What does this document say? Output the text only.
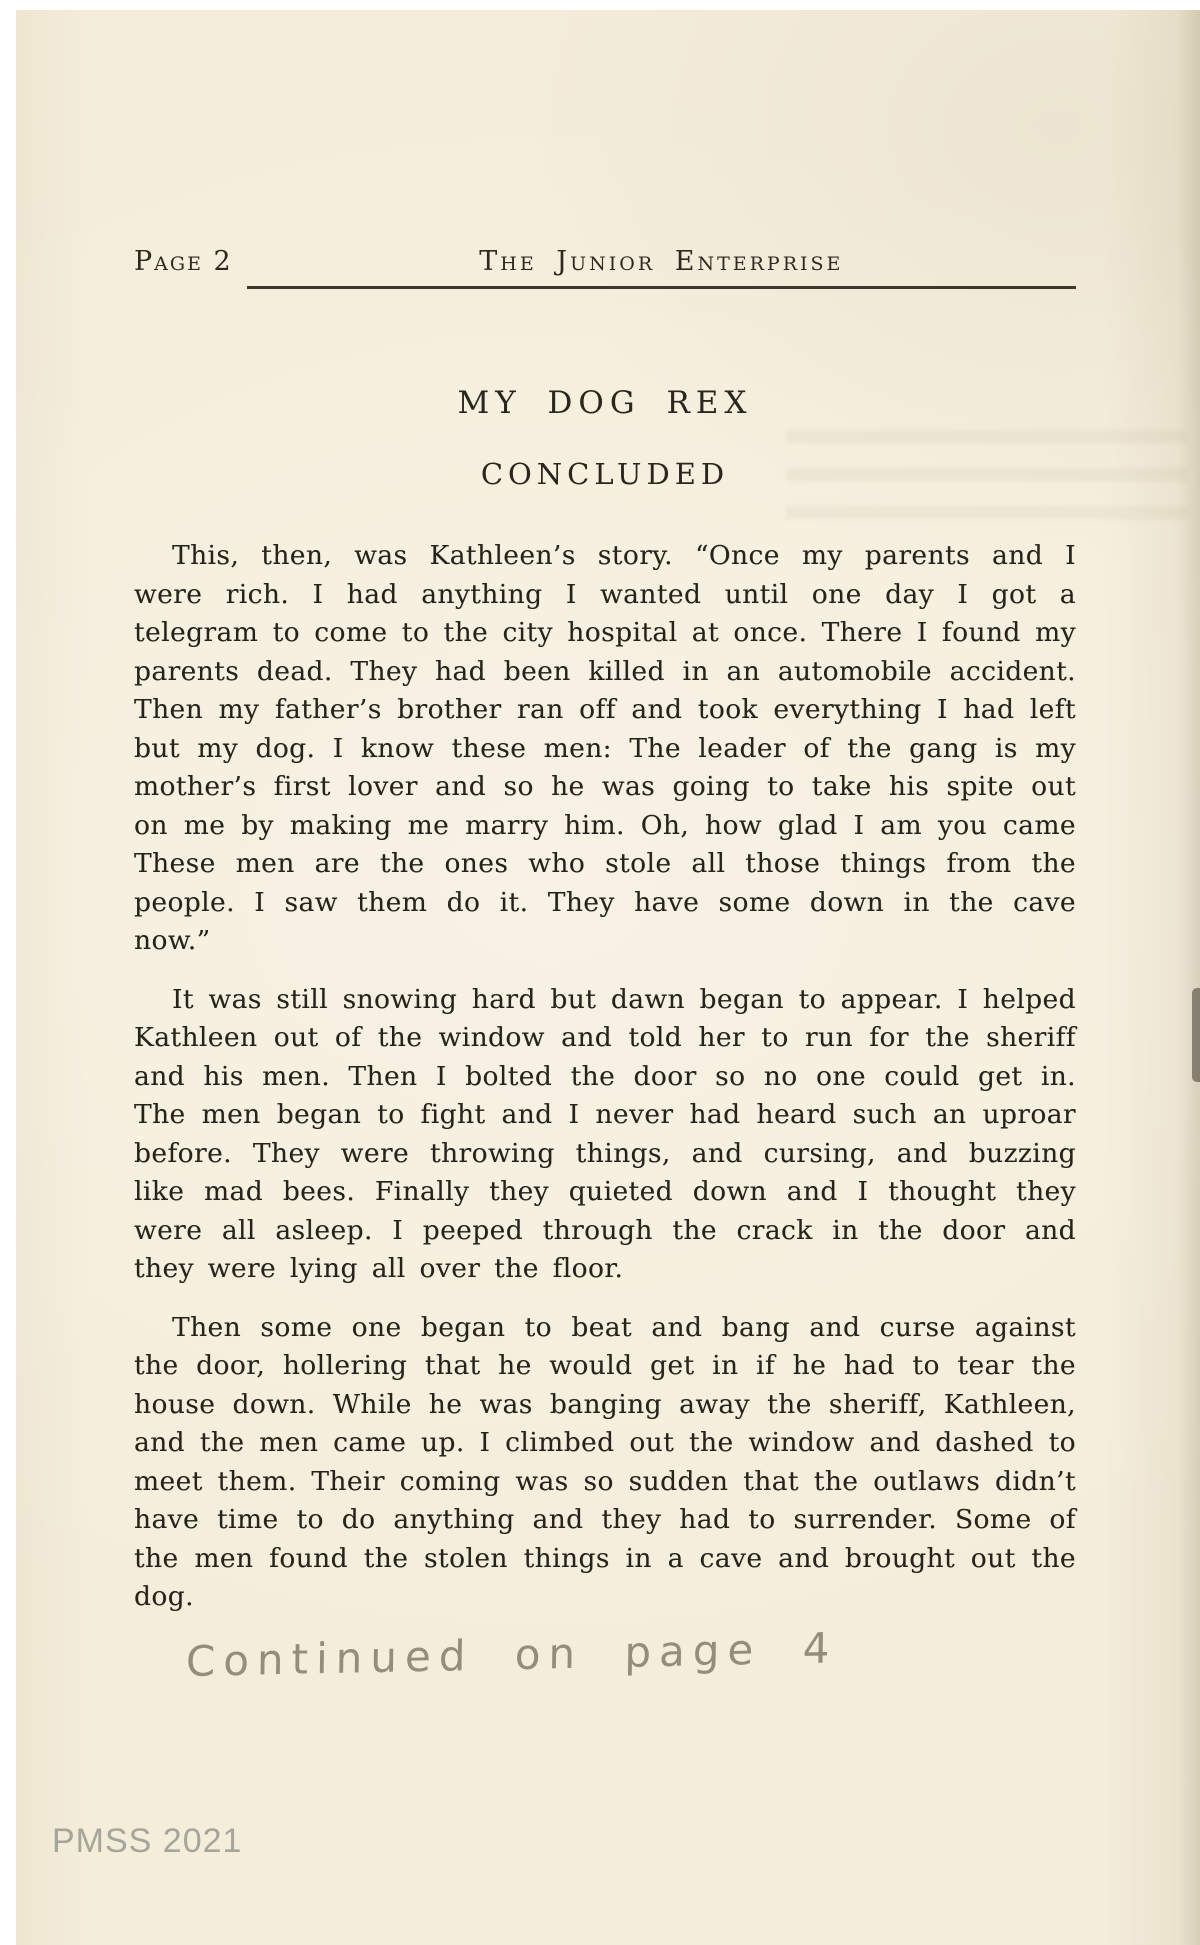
Page 2	The Junior Enterprise
MY DOG REX
CONCLUDED

This, then, was Kathleen’s story. “Once my parents and I were rich. I had anything I wanted until one day I got a telegram to come to the city hospital at once. There I found my parents dead. They had been killed in an automobile accident. Then my father’s brother ran off and took everything I had left but my dog. I know these men: The leader of the gang is my mother’s first lover and so he was going to take his spite out on me by making me marry him. Oh, how glad I am you came These men are the ones who stole all those things from the people. I saw them do it. They have some down in the cave now.”

It was still snowing hard but dawn began to appear. I helped Kathleen out of the window and told her to run for the sheriff and his men. Then I bolted the door so no one could get in. The men began to fight and I never had heard such an uproar before. They were throwing things, and cursing, and buzzing like mad bees. Finally they quieted down and I thought they were all asleep. I peeped through the crack in the door and they were lying all over the floor.

Then some one began to beat and bang and curse against the door, hollering that he would get in if he had to tear the house down. While he was banging away the sheriff, Kathleen, and the men came up. I climbed out the window and dashed to meet them. Their coming was so sudden that the outlaws didn’t have time to do anything and they had to surrender. Some of the men found the stolen things in a cave and brought out the dog.

Continued on page 4
PMSS 2021
